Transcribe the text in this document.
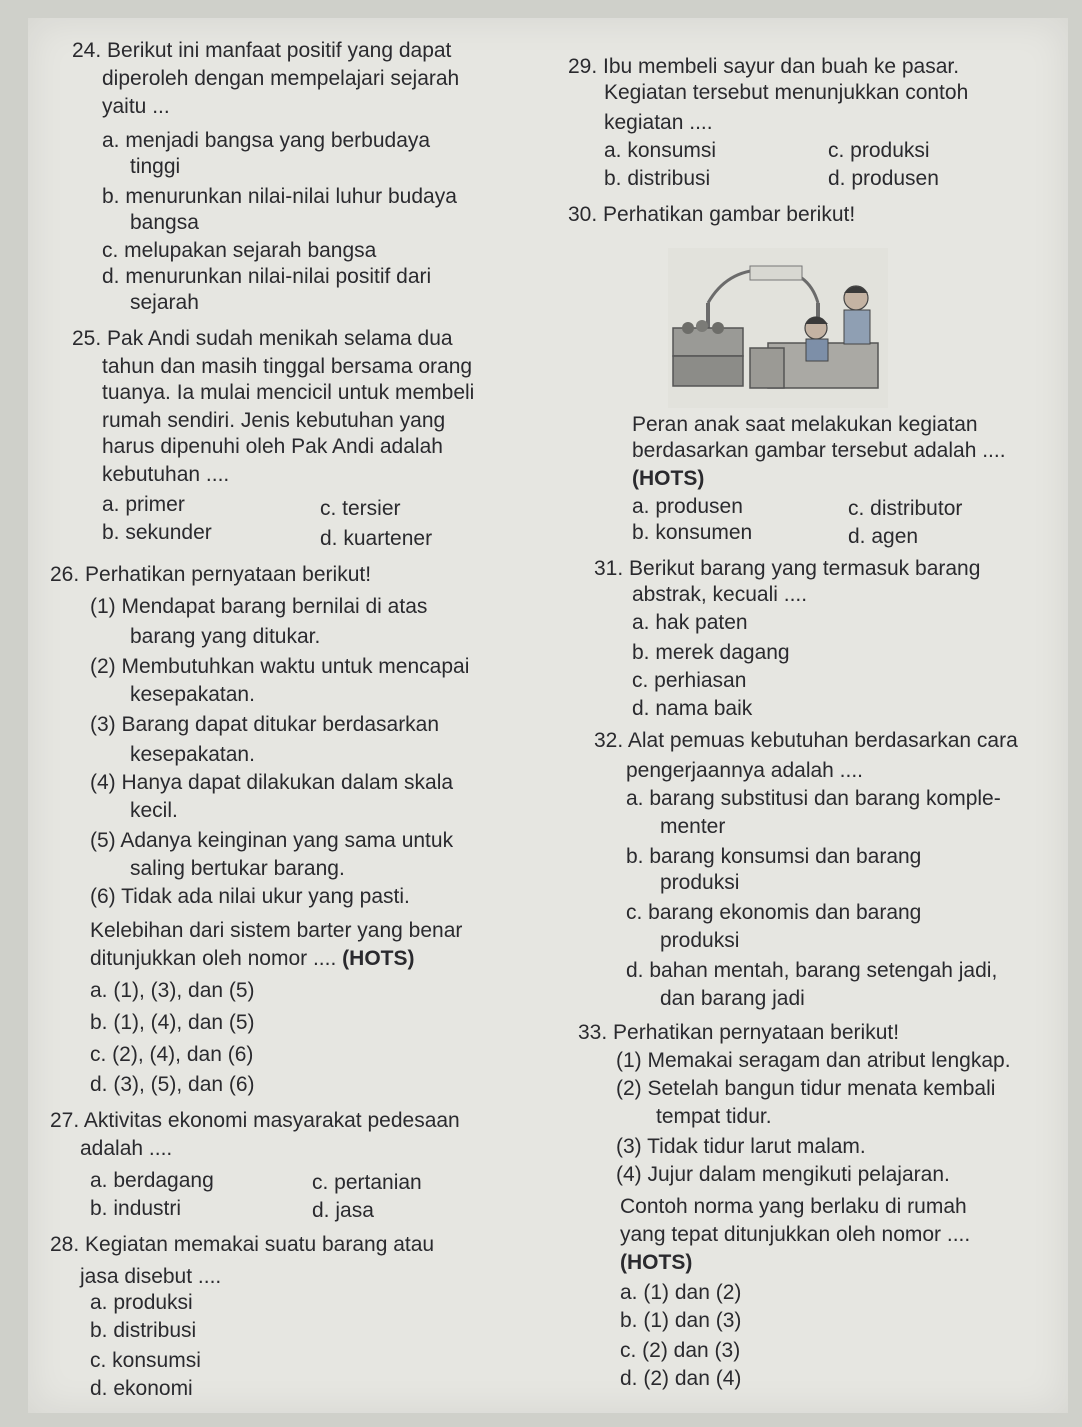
24. Berikut ini manfaat positif yang dapat
diperoleh dengan mempelajari sejarah
yaitu ...
a. menjadi bangsa yang berbudaya
tinggi
b. menurunkan nilai-nilai luhur budaya
bangsa
c. melupakan sejarah bangsa
d. menurunkan nilai-nilai positif dari
sejarah
25. Pak Andi sudah menikah selama dua
tahun dan masih tinggal bersama orang
tuanya. Ia mulai mencicil untuk membeli
rumah sendiri. Jenis kebutuhan yang
harus dipenuhi oleh Pak Andi adalah
kebutuhan ....
a. primer	c. tersier
b. sekunder	d. kuartener
26. Perhatikan pernyataan berikut!
(1) Mendapat barang bernilai di atas
barang yang ditukar.
(2) Membutuhkan waktu untuk mencapai
kesepakatan.
(3) Barang dapat ditukar berdasarkan
kesepakatan.
(4) Hanya dapat dilakukan dalam skala
kecil.
(5) Adanya keinginan yang sama untuk
saling bertukar barang.
(6) Tidak ada nilai ukur yang pasti.
Kelebihan dari sistem barter yang benar
ditunjukkan oleh nomor .... (HOTS)
a. (1), (3), dan (5)
b. (1), (4), dan (5)
c. (2), (4), dan (6)
d. (3), (5), dan (6)
27. Aktivitas ekonomi masyarakat pedesaan
adalah ....
a. berdagang	c. pertanian
b. industri	d. jasa
28. Kegiatan memakai suatu barang atau
jasa disebut ....
a. produksi
b. distribusi
c. konsumsi
d. ekonomi
29. Ibu membeli sayur dan buah ke pasar.
Kegiatan tersebut menunjukkan contoh
kegiatan ....
a. konsumsi	c. produksi
b. distribusi	d. produsen
30. Perhatikan gambar berikut!
Peran anak saat melakukan kegiatan
berdasarkan gambar tersebut adalah ....
(HOTS)
a. produsen	c. distributor
b. konsumen	d. agen
31. Berikut barang yang termasuk barang
abstrak, kecuali ....
a. hak paten
b. merek dagang
c. perhiasan
d. nama baik
32. Alat pemuas kebutuhan berdasarkan cara
pengerjaannya adalah ....
a. barang substitusi dan barang komple-
menter
b. barang konsumsi dan barang
produksi
c. barang ekonomis dan barang
produksi
d. bahan mentah, barang setengah jadi,
dan barang jadi
33. Perhatikan pernyataan berikut!
(1) Memakai seragam dan atribut lengkap.
(2) Setelah bangun tidur menata kembali
tempat tidur.
(3) Tidak tidur larut malam.
(4) Jujur dalam mengikuti pelajaran.
Contoh norma yang berlaku di rumah
yang tepat ditunjukkan oleh nomor ....
(HOTS)
a. (1) dan (2)
b. (1) dan (3)
c. (2) dan (3)
d. (2) dan (4)
